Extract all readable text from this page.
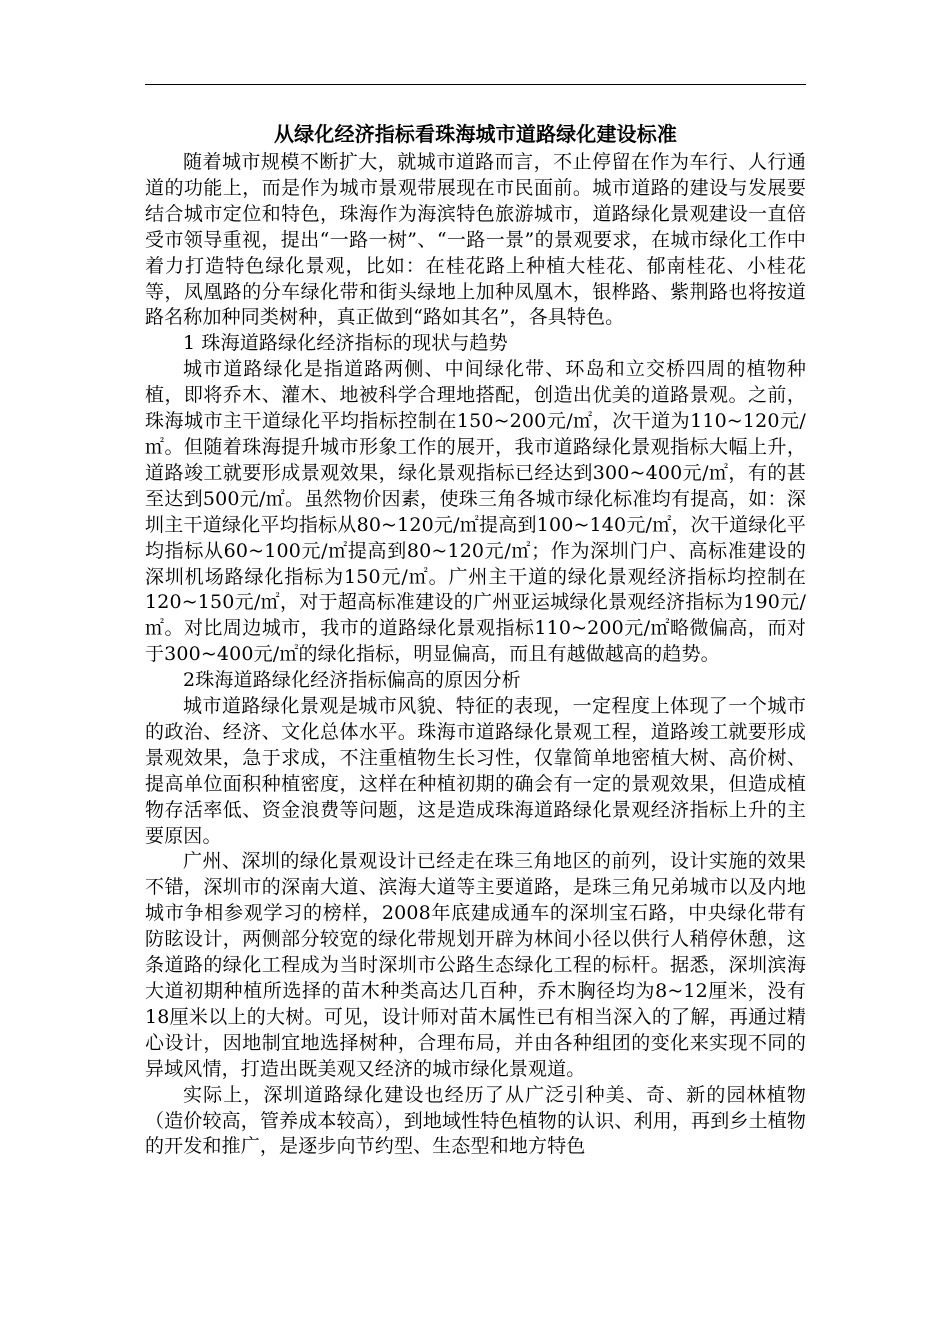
从绿化经济指标看珠海城市道路绿化建设标准

随着城市规模不断扩大，就城市道路而言，不止停留在作为车行、人行通道的功能上，而是作为城市景观带展现在市民面前。城市道路的建设与发展要结合城市定位和特色，珠海作为海滨特色旅游城市，道路绿化景观建设一直倍受市领导重视，提出“一路一树”、“一路一景”的景观要求，在城市绿化工作中着力打造特色绿化景观，比如：在桂花路上种植大桂花、郁南桂花、小桂花等，凤凰路的分车绿化带和街头绿地上加种凤凰木，银桦路、紫荆路也将按道路名称加种同类树种，真正做到“路如其名”，各具特色。

1 珠海道路绿化经济指标的现状与趋势

城市道路绿化是指道路两侧、中间绿化带、环岛和立交桥四周的植物种植，即将乔木、灌木、地被科学合理地搭配，创造出优美的道路景观。之前，珠海城市主干道绿化平均指标控制在150~200元/㎡，次干道为110~120元/㎡。但随着珠海提升城市形象工作的展开，我市道路绿化景观指标大幅上升，道路竣工就要形成景观效果，绿化景观指标已经达到300~400元/㎡，有的甚至达到500元/㎡。虽然物价因素，使珠三角各城市绿化标准均有提高，如：深圳主干道绿化平均指标从80~120元/㎡提高到100~140元/㎡，次干道绿化平均指标从60~100元/㎡提高到80~120元/㎡；作为深圳门户、高标准建设的深圳机场路绿化指标为150元/㎡。广州主干道的绿化景观经济指标均控制在120~150元/㎡，对于超高标准建设的广州亚运城绿化景观经济指标为190元/㎡。对比周边城市，我市的道路绿化景观指标110~200元/㎡略微偏高，而对于300~400元/㎡的绿化指标，明显偏高，而且有越做越高的趋势。

2珠海道路绿化经济指标偏高的原因分析

城市道路绿化景观是城市风貌、特征的表现，一定程度上体现了一个城市的政治、经济、文化总体水平。珠海市道路绿化景观工程，道路竣工就要形成景观效果，急于求成，不注重植物生长习性，仅靠简单地密植大树、高价树、提高单位面积种植密度，这样在种植初期的确会有一定的景观效果，但造成植物存活率低、资金浪费等问题，这是造成珠海道路绿化景观经济指标上升的主要原因。

广州、深圳的绿化景观设计已经走在珠三角地区的前列，设计实施的效果不错，深圳市的深南大道、滨海大道等主要道路，是珠三角兄弟城市以及内地城市争相参观学习的榜样，2008年底建成通车的深圳宝石路，中央绿化带有防眩设计，两侧部分较宽的绿化带规划开辟为林间小径以供行人稍停休憩，这条道路的绿化工程成为当时深圳市公路生态绿化工程的标杆。据悉，深圳滨海大道初期种植所选择的苗木种类高达几百种，乔木胸径均为8~12厘米，没有18厘米以上的大树。可见，设计师对苗木属性已有相当深入的了解，再通过精心设计，因地制宜地选择树种，合理布局，并由各种组团的变化来实现不同的异域风情，打造出既美观又经济的城市绿化景观道。

实际上，深圳道路绿化建设也经历了从广泛引种美、奇、新的园林植物（造价较高，管养成本较高），到地域性特色植物的认识、利用，再到乡土植物的开发和推广，是逐步向节约型、生态型和地方特色
